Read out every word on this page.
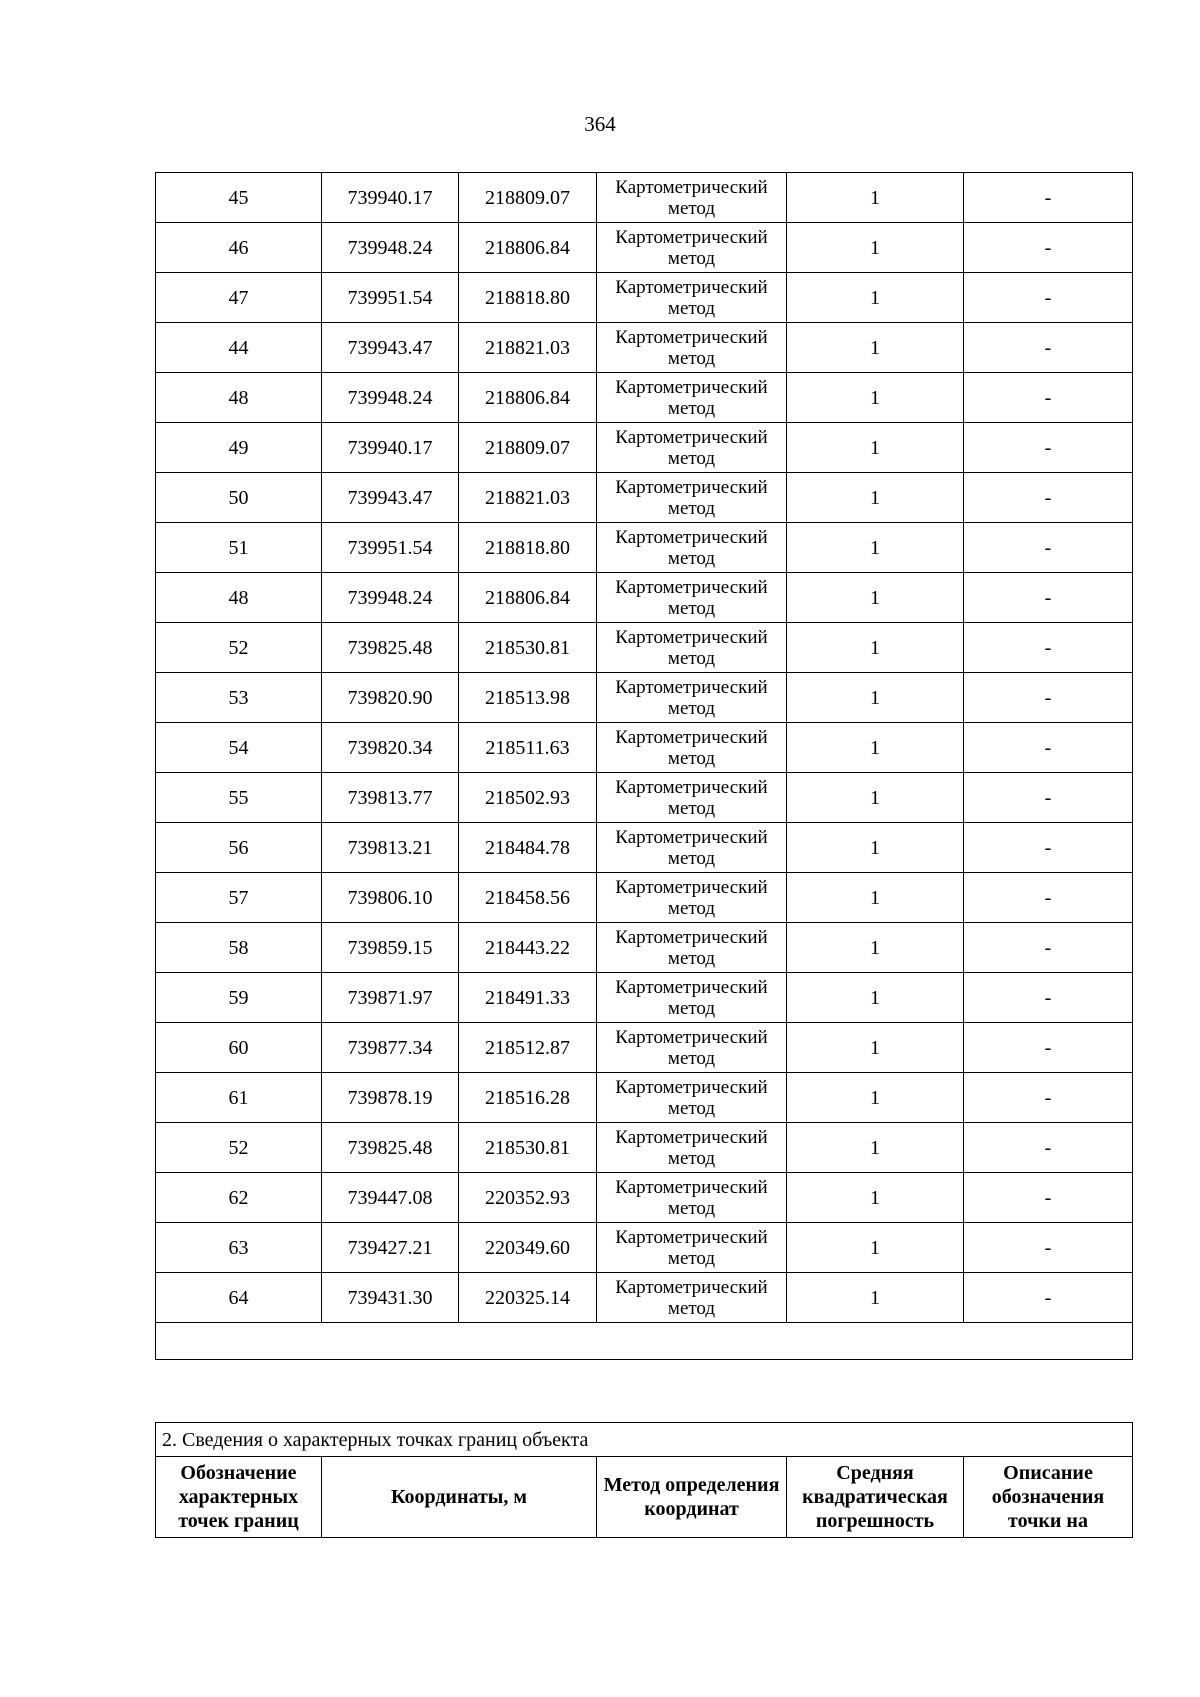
364
45	739940.17	218809.07	Картометрический метод	1	-
46	739948.24	218806.84	Картометрический метод	1	-
47	739951.54	218818.80	Картометрический метод	1	-
44	739943.47	218821.03	Картометрический метод	1	-
48	739948.24	218806.84	Картометрический метод	1	-
49	739940.17	218809.07	Картометрический метод	1	-
50	739943.47	218821.03	Картометрический метод	1	-
51	739951.54	218818.80	Картометрический метод	1	-
48	739948.24	218806.84	Картометрический метод	1	-
52	739825.48	218530.81	Картометрический метод	1	-
53	739820.90	218513.98	Картометрический метод	1	-
54	739820.34	218511.63	Картометрический метод	1	-
55	739813.77	218502.93	Картометрический метод	1	-
56	739813.21	218484.78	Картометрический метод	1	-
57	739806.10	218458.56	Картометрический метод	1	-
58	739859.15	218443.22	Картометрический метод	1	-
59	739871.97	218491.33	Картометрический метод	1	-
60	739877.34	218512.87	Картометрический метод	1	-
61	739878.19	218516.28	Картометрический метод	1	-
52	739825.48	218530.81	Картометрический метод	1	-
62	739447.08	220352.93	Картометрический метод	1	-
63	739427.21	220349.60	Картометрический метод	1	-
64	739431.30	220325.14	Картометрический метод	1	-

2. Сведения о характерных точках границ объекта
Обозначение характерных точек границ	Координаты, м	Метод определения координат	Средняя квадратическая погрешность	Описание обозначения точки на
